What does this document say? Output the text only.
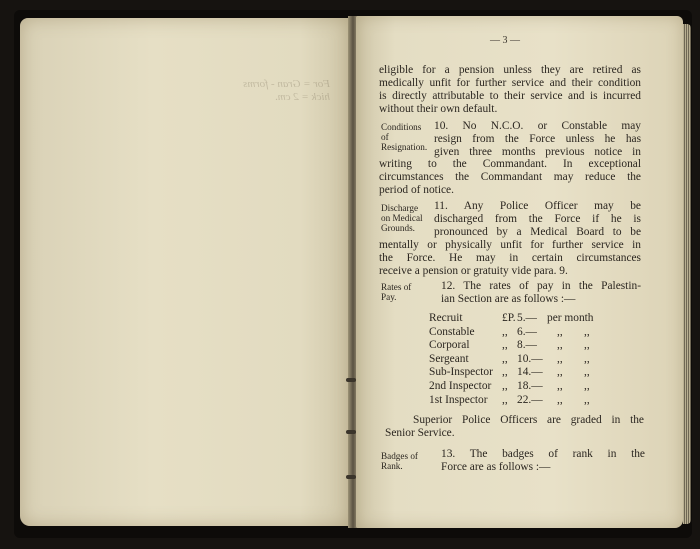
For = Gran - forms
hick = 2 cm.
— 3 —
eligible for a pension unless they are retired as
medically unfit for further service and their condition
is directly attributable to their service and is incurred
without their own default.
Conditions
of
Resignation.
10. No N.C.O. or Constable may
resign from the Force unless he has
given three months previous notice in
writing to the Commandant. In exceptional
circumstances the Commandant may reduce the
period of notice.
Discharge
on Medical
Grounds.
11. Any Police Officer may be
discharged from the Force if he is
pronounced by a Medical Board to be
mentally or physically unfit for further service in
the Force. He may in certain circumstances
receive a pension or gratuity vide para. 9.
Rates of
Pay.
12. The rates of pay in the Palestin-
ian Section are as follows :—
Recruit	£P. 5.— per month
Constable ,, 6.— ,, ,,
Corporal	,, 8.— ,, ,,
Sergeant	,, 10.— ,, ,,
Sub-Inspector ,, 14.— ,, ,,
2nd Inspector ,, 18.— ,, ,,
1st Inspector ,, 22.— ,, ,,
Superior Police Officers are graded in the
Senior Service.
Badges of
Rank.
13. The badges of rank in the
Force are as follows :—
